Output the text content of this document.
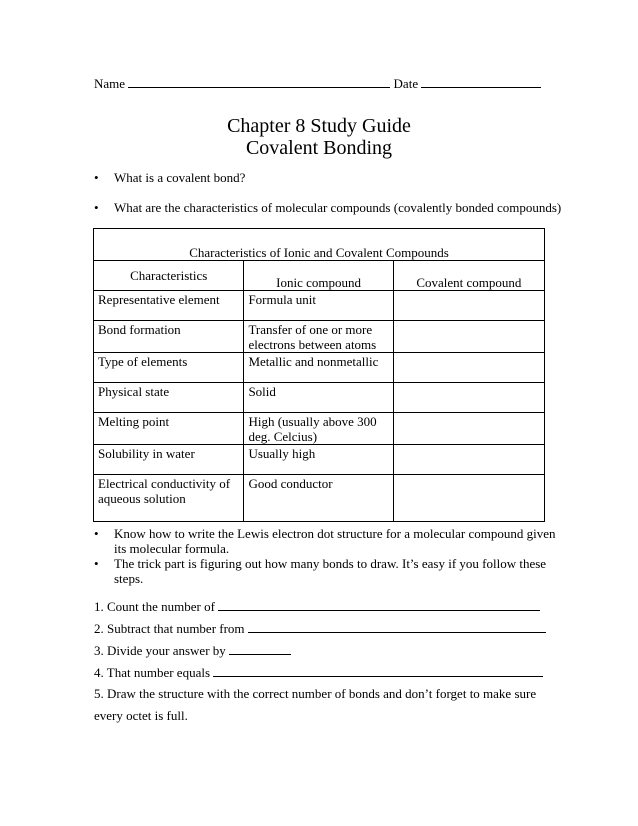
Name	Date
Chapter 8 Study Guide
Covalent Bonding
• What is a covalent bond?
• What are the characteristics of molecular compounds (covalently bonded compounds)
Characteristics of Ionic and Covalent Compounds		
Characteristics	Ionic compound	Covalent compound
Representative element	Formula unit	

Bond formation	Transfer of one or more
electrons between atoms	

Type of elements	Metallic and nonmetallic	

Physical state	Solid	

Melting point	High (usually above 300
deg. Celcius)	

Solubility in water	Usually high	

Electrical conductivity of
aqueous solution	Good conductor	

• Know how to write the Lewis electron dot structure for a molecular compound given
its molecular formula.
• The trick part is figuring out how many bonds to draw. It’s easy if you follow these
steps.
1. Count the number of
2. Subtract that number from
3. Divide your answer by
4. That number equals
5. Draw the structure with the correct number of bonds and don’t forget to make sure
every octet is full.
